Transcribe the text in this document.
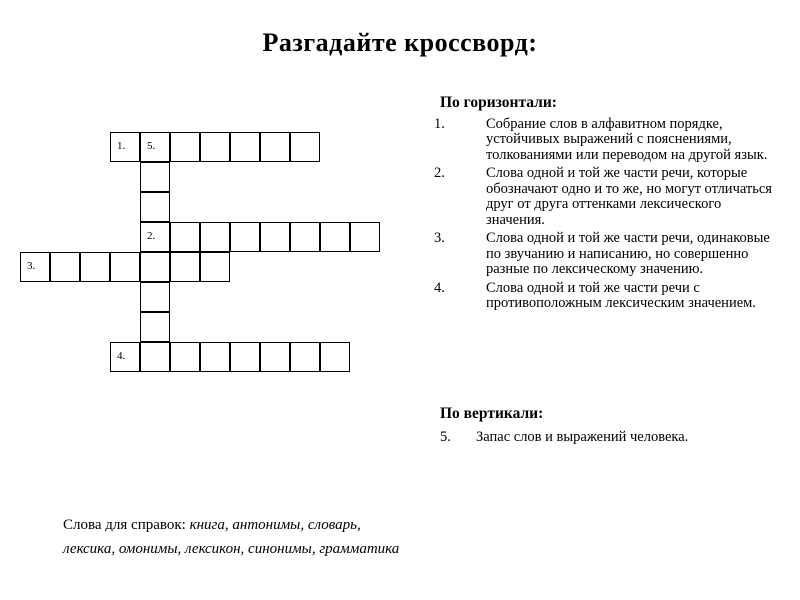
Разгадайте кроссворд:
1. 5.
2.
3.
4.
По горизонтали:
1.	Собрание слов в алфавитном порядке, устойчивых выражений с пояснениями, толкованиями или переводом на другой язык.
2.	Слова одной и той же части речи, которые обозначают одно и то же, но могут отличаться друг от друга оттенками лексического значения.
3.	Слова одной и той же части речи, одинаковые по звучанию и написанию, но совершенно разные по лексическому значению.
4.	Слова одной и той же части речи с противоположным лексическим значением.
По вертикали:
5. Запас слов и выражений человека.
Слова для справок: книга, антонимы, словарь, лексика, омонимы, лексикон, синонимы, грамматика
